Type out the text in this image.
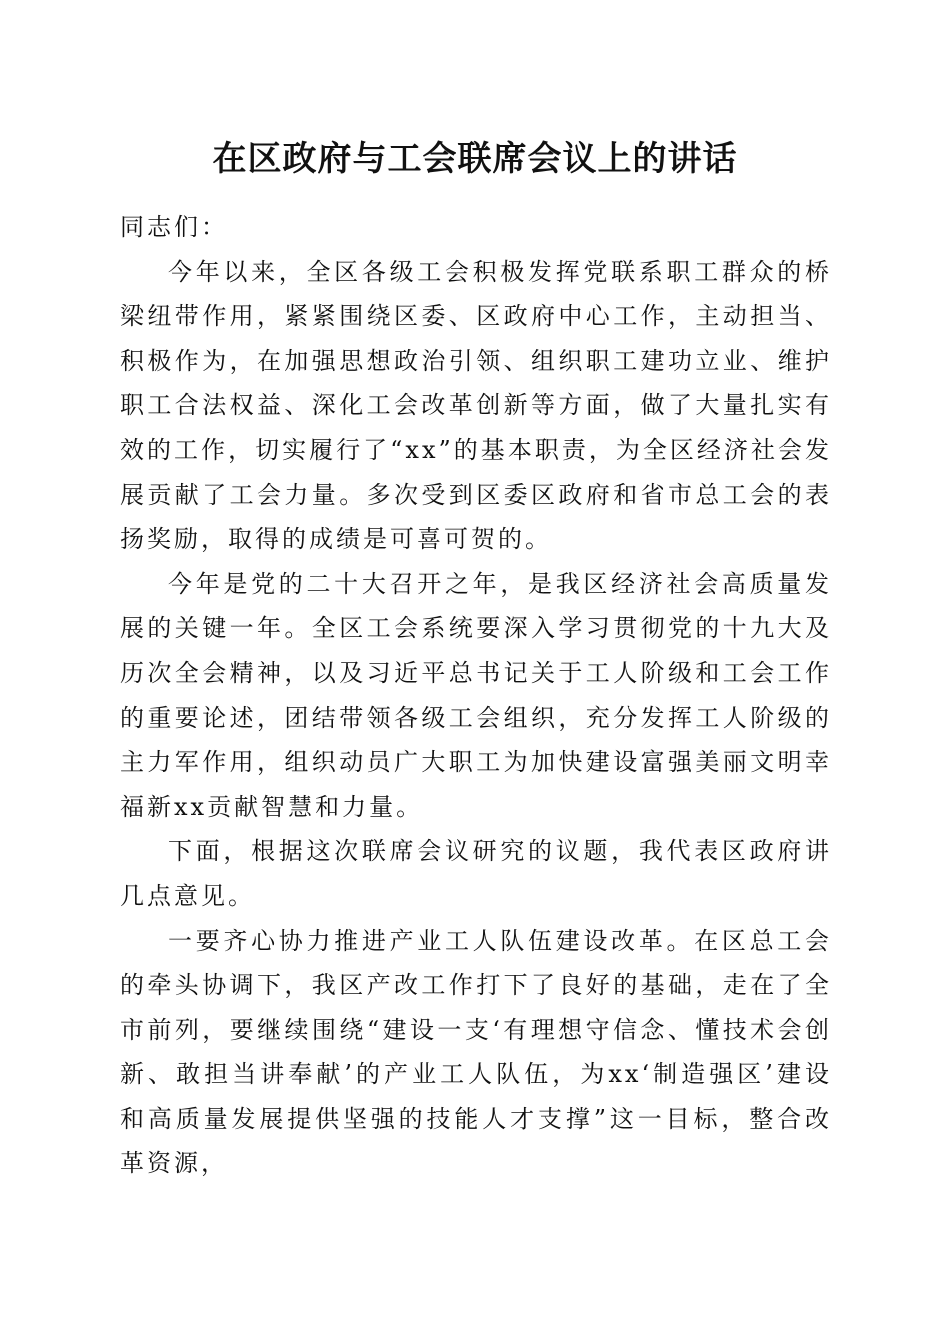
在区政府与工会联席会议上的讲话

同志们：

今年以来，全区各级工会积极发挥党联系职工群众的桥梁纽带作用，紧紧围绕区委、区政府中心工作，主动担当、积极作为，在加强思想政治引领、组织职工建功立业、维护职工合法权益、深化工会改革创新等方面，做了大量扎实有效的工作，切实履行了“xx”的基本职责，为全区经济社会发展贡献了工会力量。多次受到区委区政府和省市总工会的表扬奖励，取得的成绩是可喜可贺的。

今年是党的二十大召开之年，是我区经济社会高质量发展的关键一年。全区工会系统要深入学习贯彻党的十九大及历次全会精神，以及习近平总书记关于工人阶级和工会工作的重要论述，团结带领各级工会组织，充分发挥工人阶级的主力军作用，组织动员广大职工为加快建设富强美丽文明幸福新xx贡献智慧和力量。

下面，根据这次联席会议研究的议题，我代表区政府讲几点意见。

一要齐心协力推进产业工人队伍建设改革。在区总工会的牵头协调下，我区产改工作打下了良好的基础，走在了全市前列，要继续围绕“建设一支‘有理想守信念、懂技术会创新、敢担当讲奉献’的产业工人队伍，为xx‘制造强区’建设和高质量发展提供坚强的技能人才支撑”这一目标，整合改革资源，
